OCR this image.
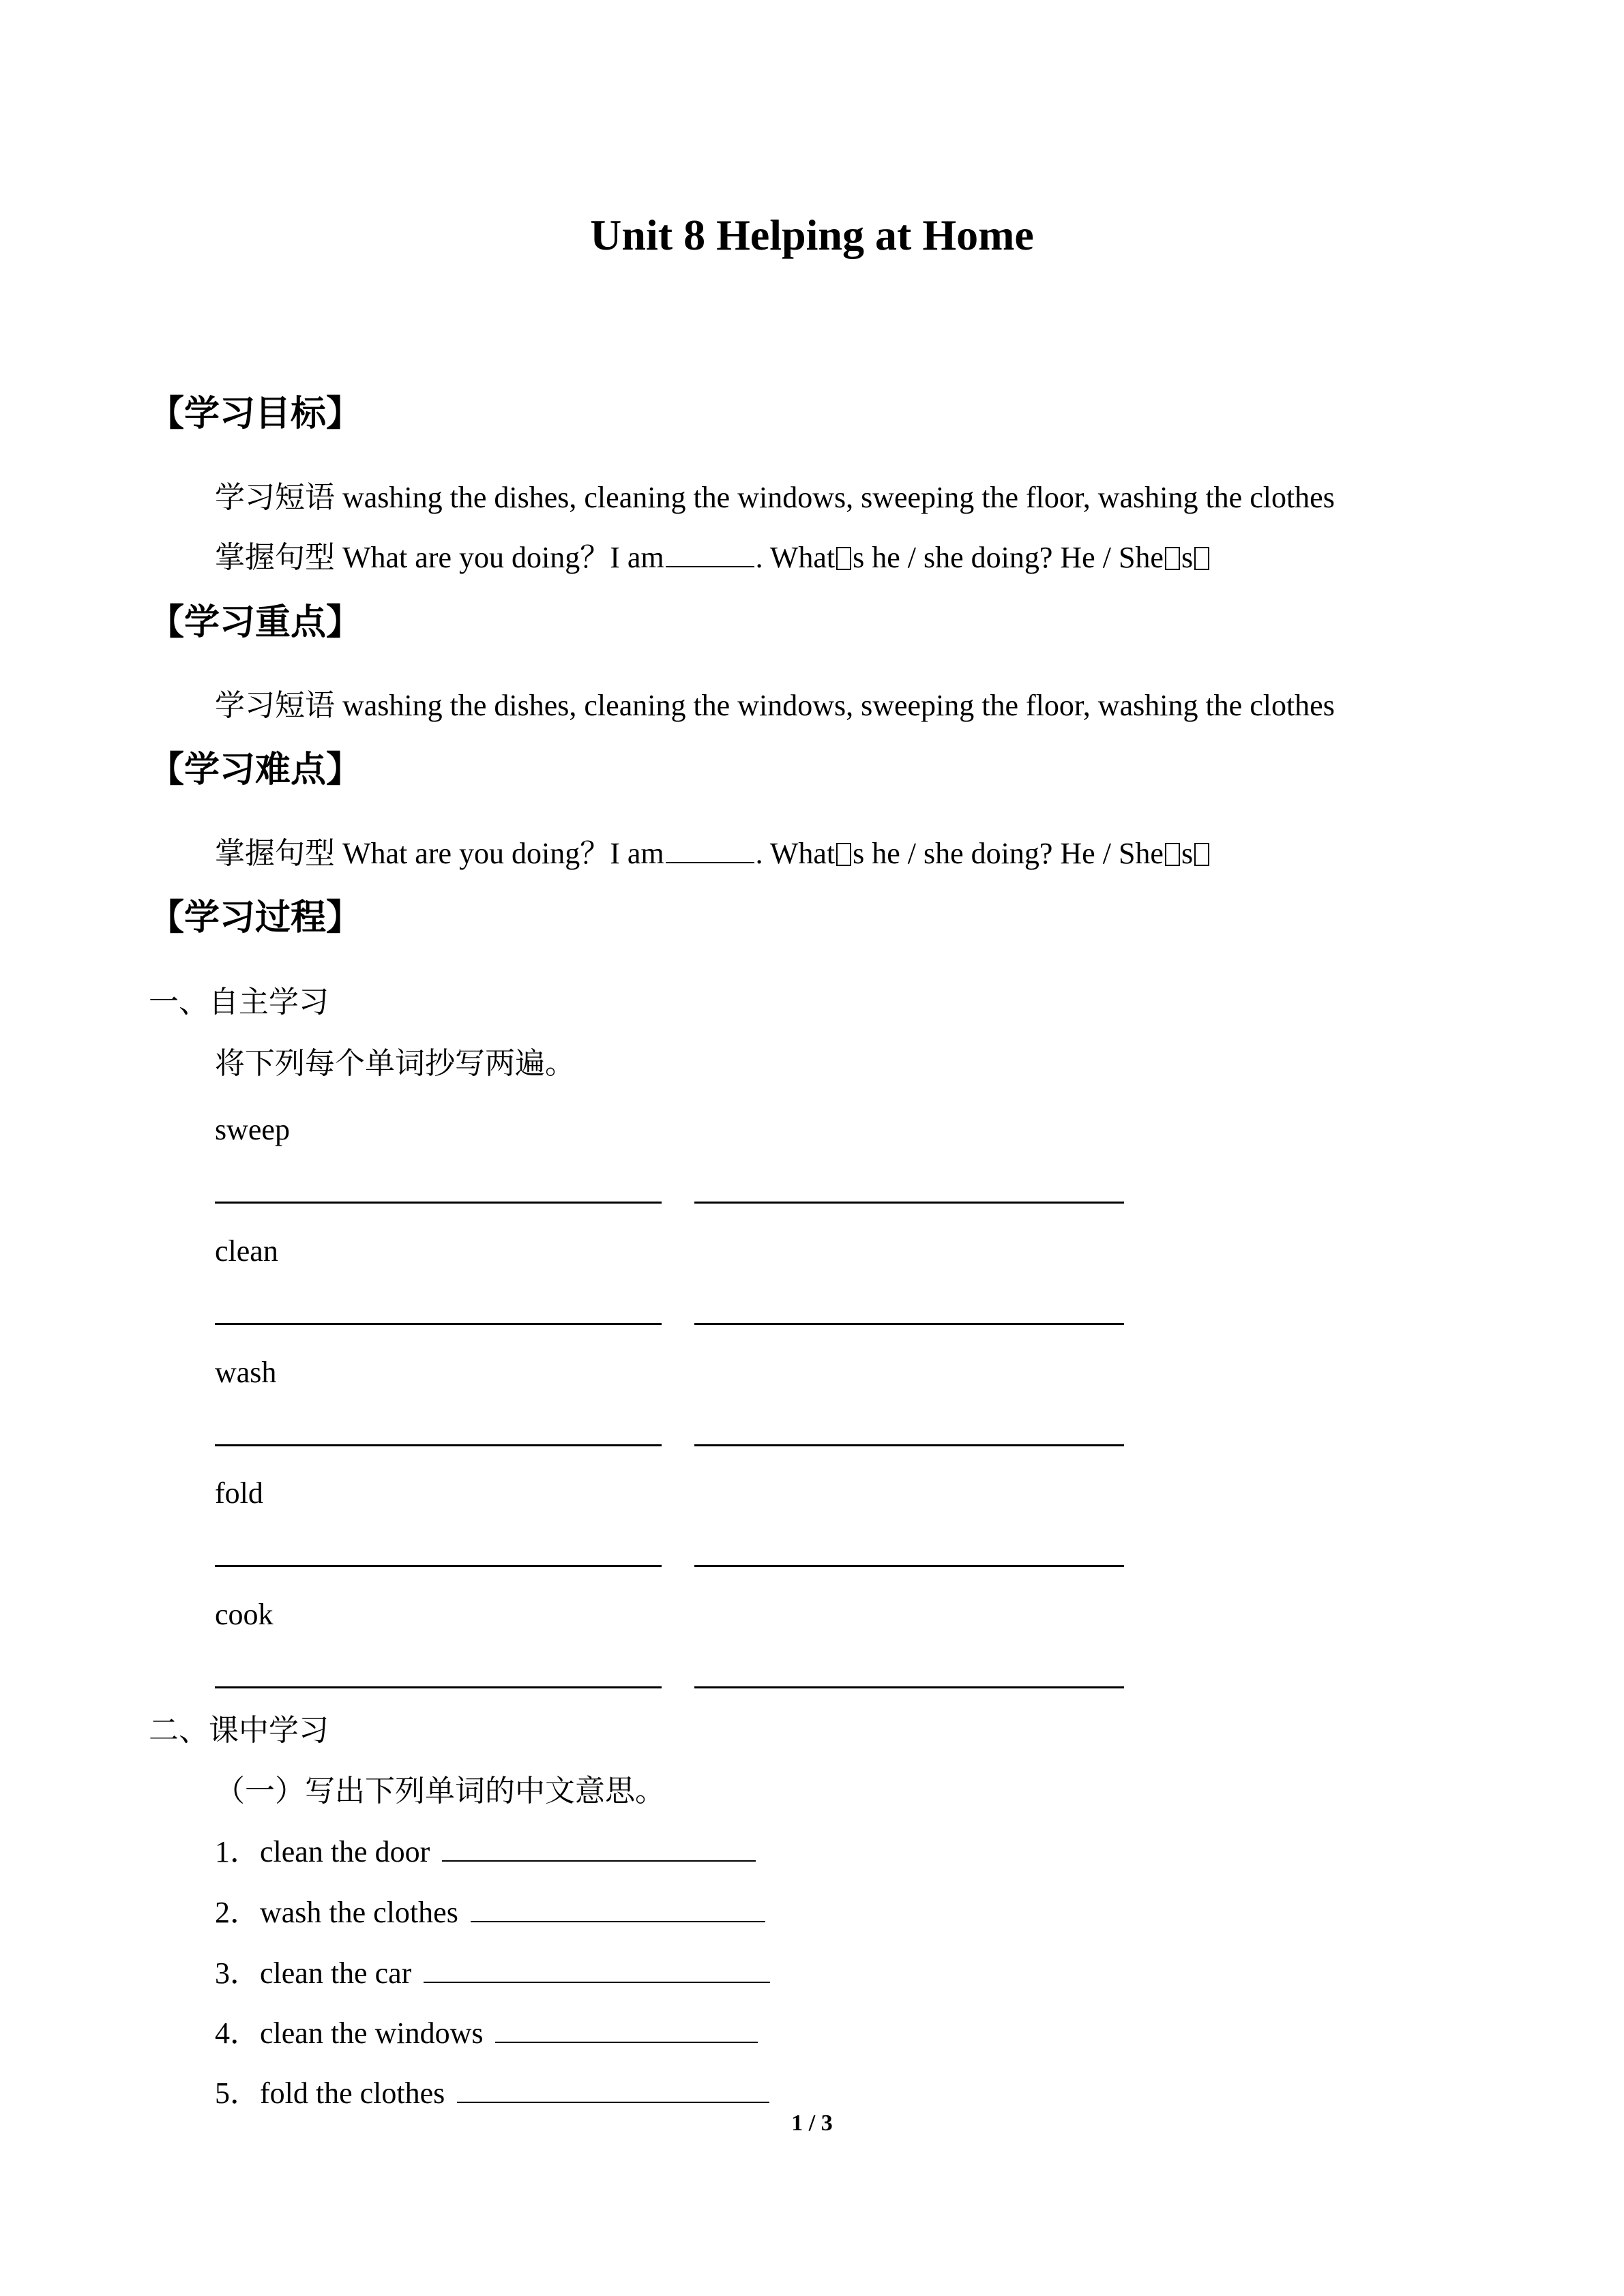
Unit 8 Helping at Home
【学习目标】
学习短语 washing the dishes, cleaning the windows, sweeping the floor, washing the clothes
掌握句型 What are you doing？I am	. What s he / she doing? He / She s
【学习重点】
学习短语 washing the dishes, cleaning the windows, sweeping the floor, washing the clothes
【学习难点】
掌握句型 What are you doing？I am	. What s he / she doing? He / She s
【学习过程】
一、自主学习
将下列每个单词抄写两遍。
sweep
clean
wash
fold
cook
二、课中学习
（一）写出下列单词的中文意思。
1．clean the door
2．wash the clothes
3．clean the car
4．clean the windows
5．fold the clothes
1 / 3
